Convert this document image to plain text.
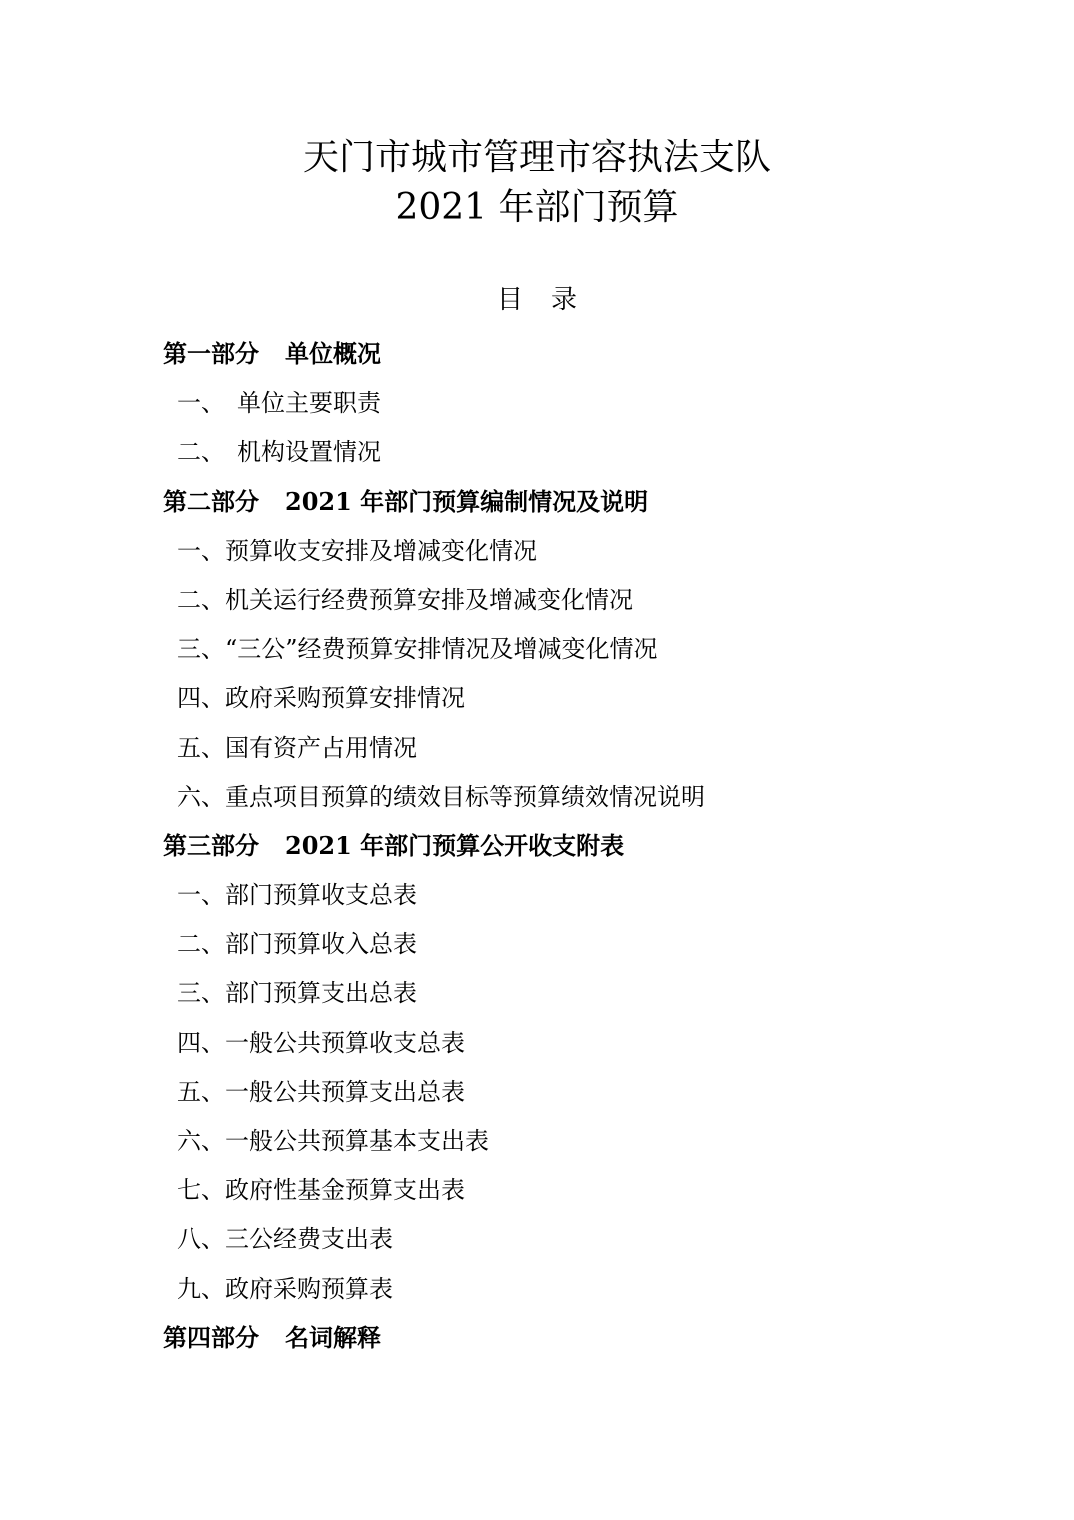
天门市城市管理市容执法支队
2021 年部门预算
目 录
第一部分 单位概况
一、 单位主要职责
二、 机构设置情况
第二部分 2021 年部门预算编制情况及说明
一、预算收支安排及增减变化情况
二、机关运行经费预算安排及增减变化情况
三、“三公”经费预算安排情况及增减变化情况
四、政府采购预算安排情况
五、国有资产占用情况
六、重点项目预算的绩效目标等预算绩效情况说明
第三部分 2021 年部门预算公开收支附表
一、部门预算收支总表
二、部门预算收入总表
三、部门预算支出总表
四、一般公共预算收支总表
五、一般公共预算支出总表
六、一般公共预算基本支出表
七、政府性基金预算支出表
八、三公经费支出表
九、政府采购预算表
第四部分 名词解释
